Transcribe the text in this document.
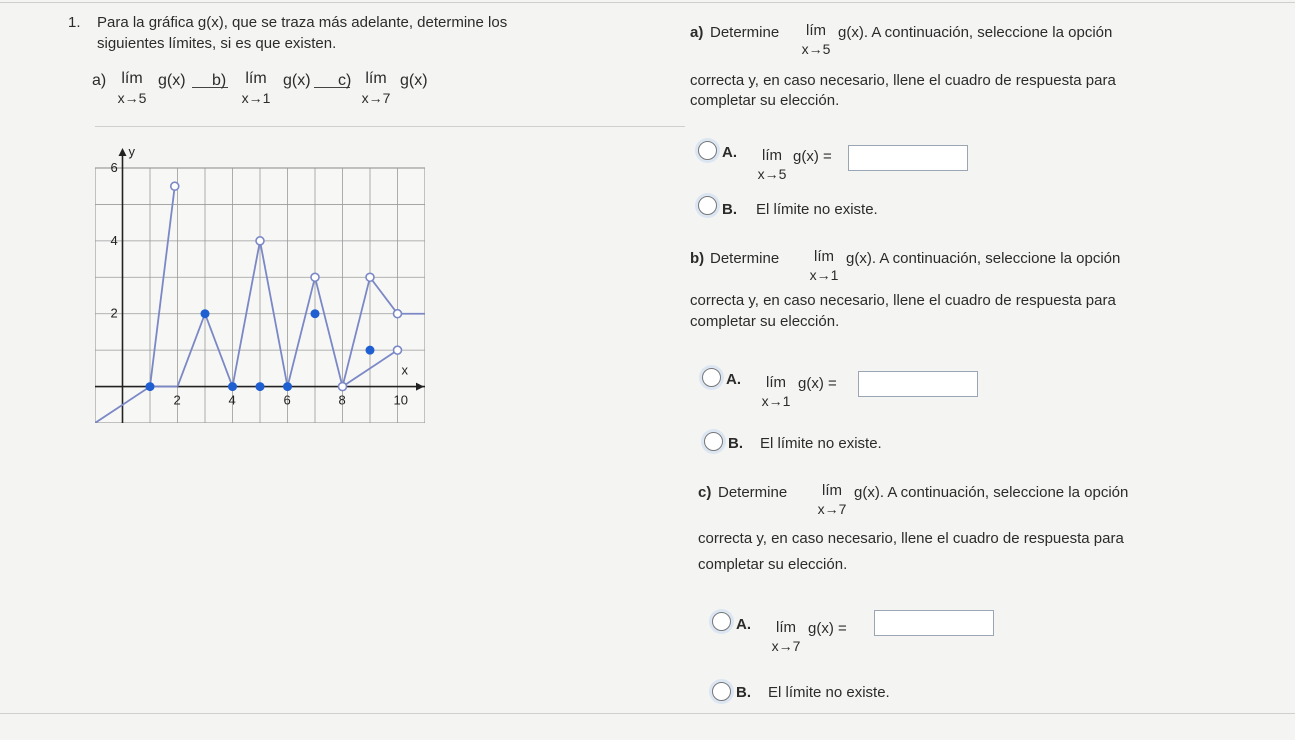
1. Para la gráfica g(x), que se traza más adelante, determine los
siguientes límites, si es que existen.
a) lím
x→5
g(x) b)	lím
x→1
g(x) c) lím
x→7
g(x)
y
x
2	4	6	8	10
2
4
6
a) Determine	lím
x→5
g(x). A continuación, seleccione la opción
correcta y, en caso necesario, llene el cuadro de respuesta para
completar su elección.
A.	lím
x→5
g(x) =
B. El límite no existe.
b) Determine	lím
x→1
g(x). A continuación, seleccione la opción
correcta y, en caso necesario, llene el cuadro de respuesta para
completar su elección.
A.	lím
x→1
g(x) =
B. El límite no existe.
c) Determine	lím
x→7
g(x). A continuación, seleccione la opción
correcta y, en caso necesario, llene el cuadro de respuesta para
completar su elección.
A.	lím
x→7
g(x) =
B. El límite no existe.
